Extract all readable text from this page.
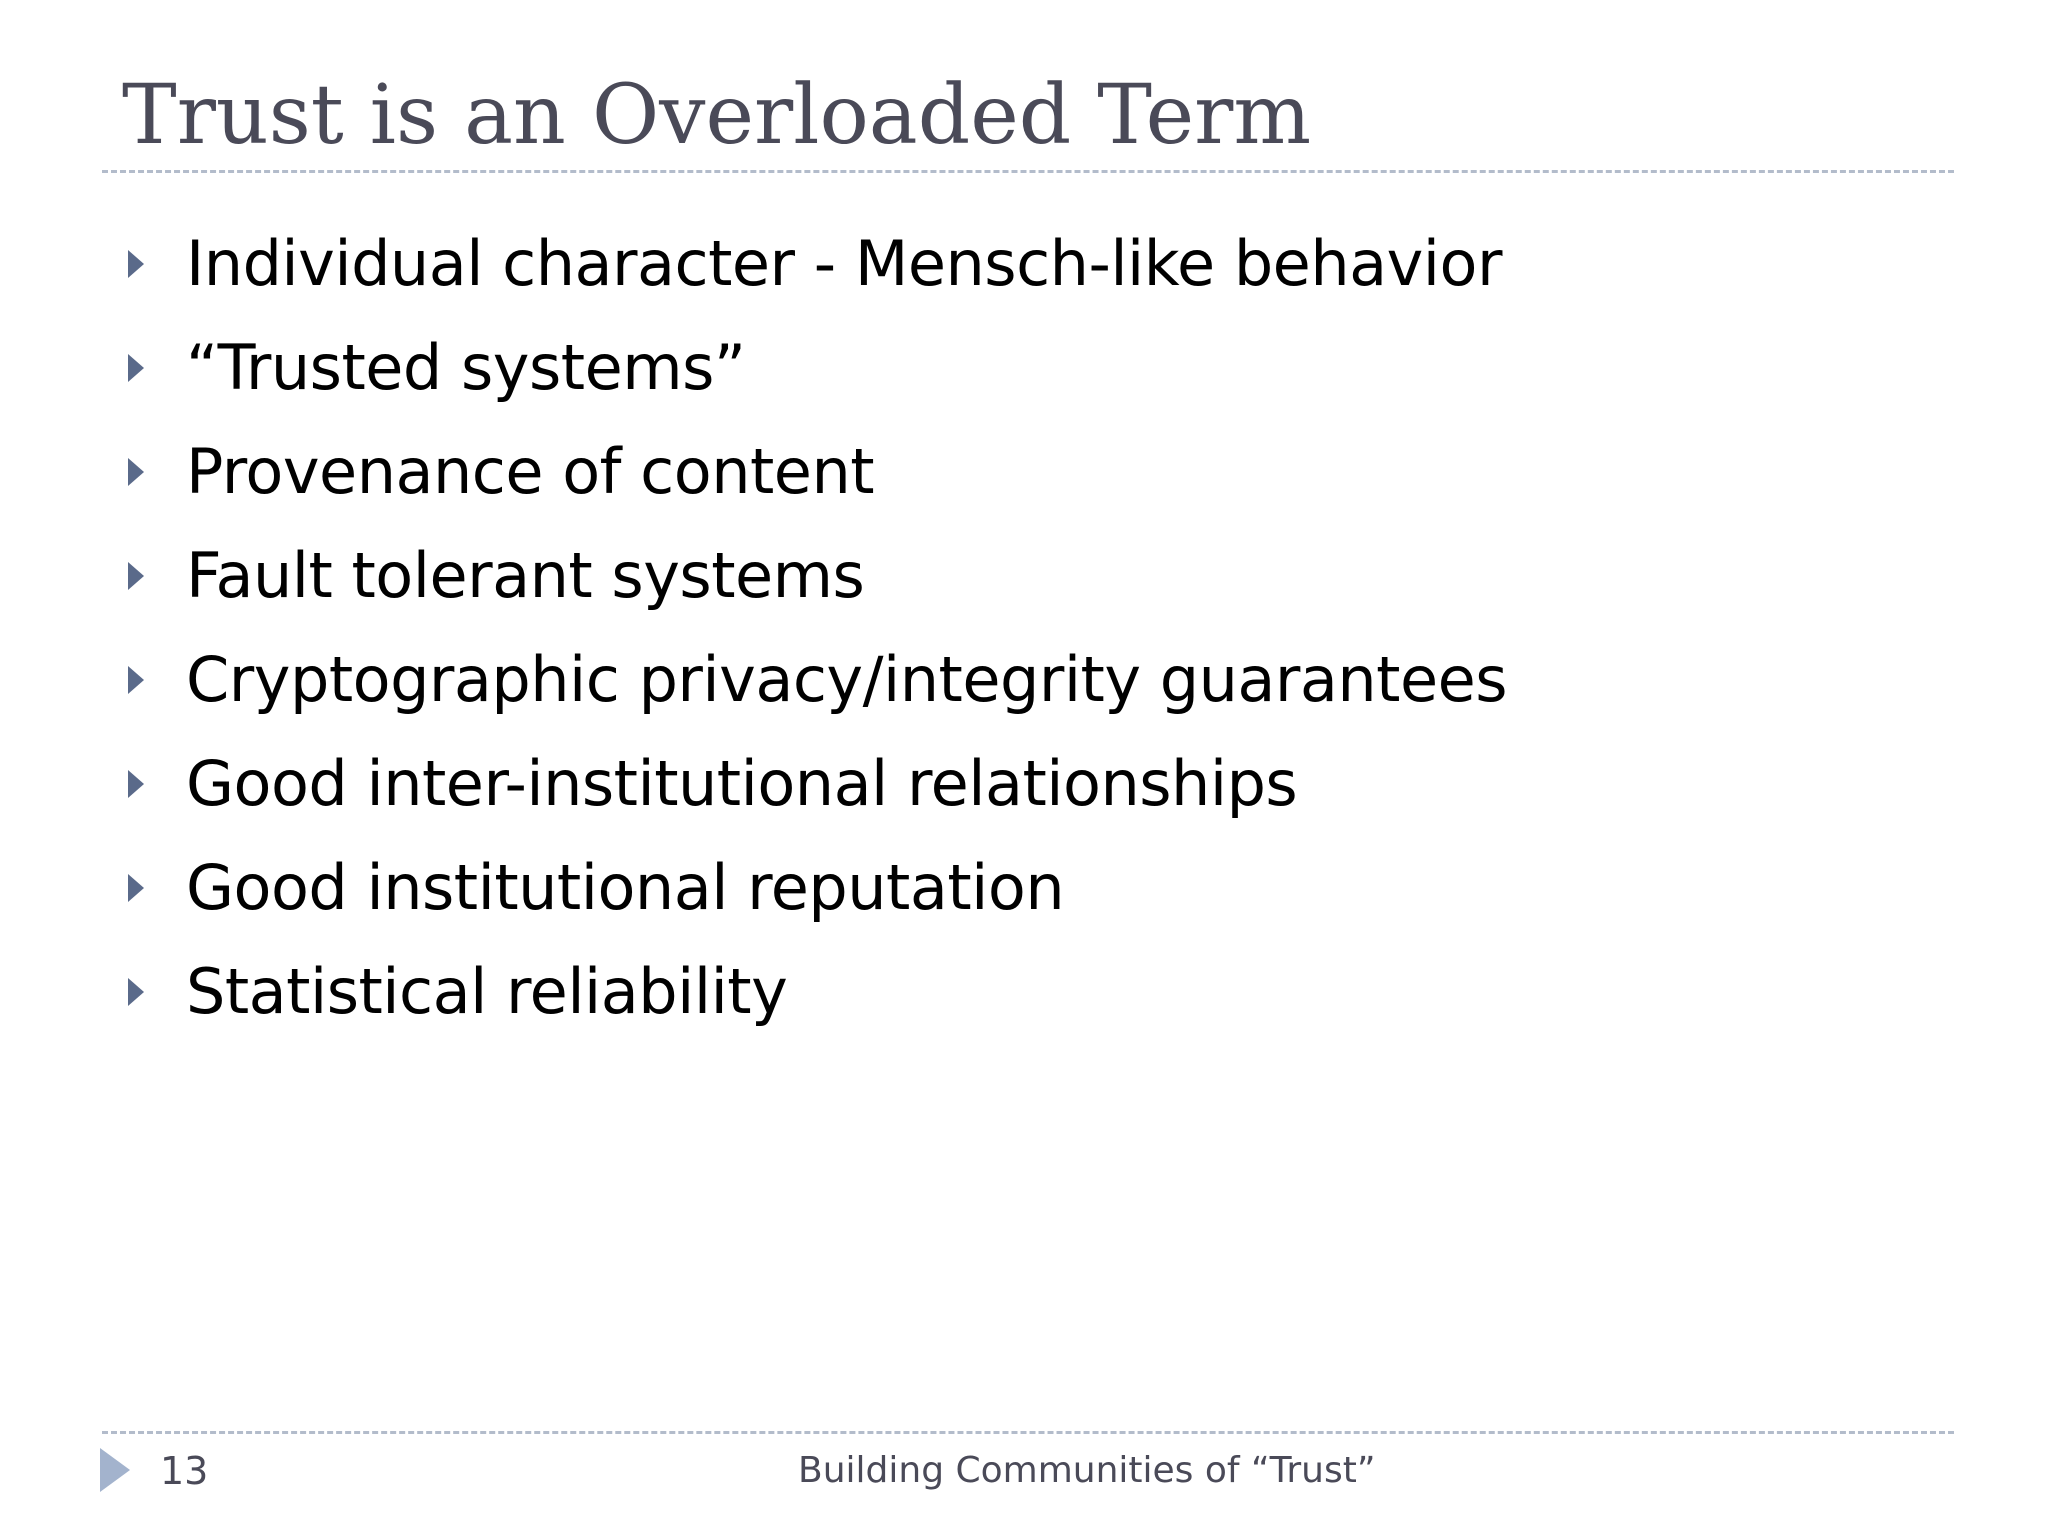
Trust is an Overloaded Term
Individual character - Mensch-like behavior
“Trusted systems”
Provenance of content
Fault tolerant systems
Cryptographic privacy/integrity guarantees
Good inter-institutional relationships
Good institutional reputation
Statistical reliability
13	Building Communities of “Trust”
